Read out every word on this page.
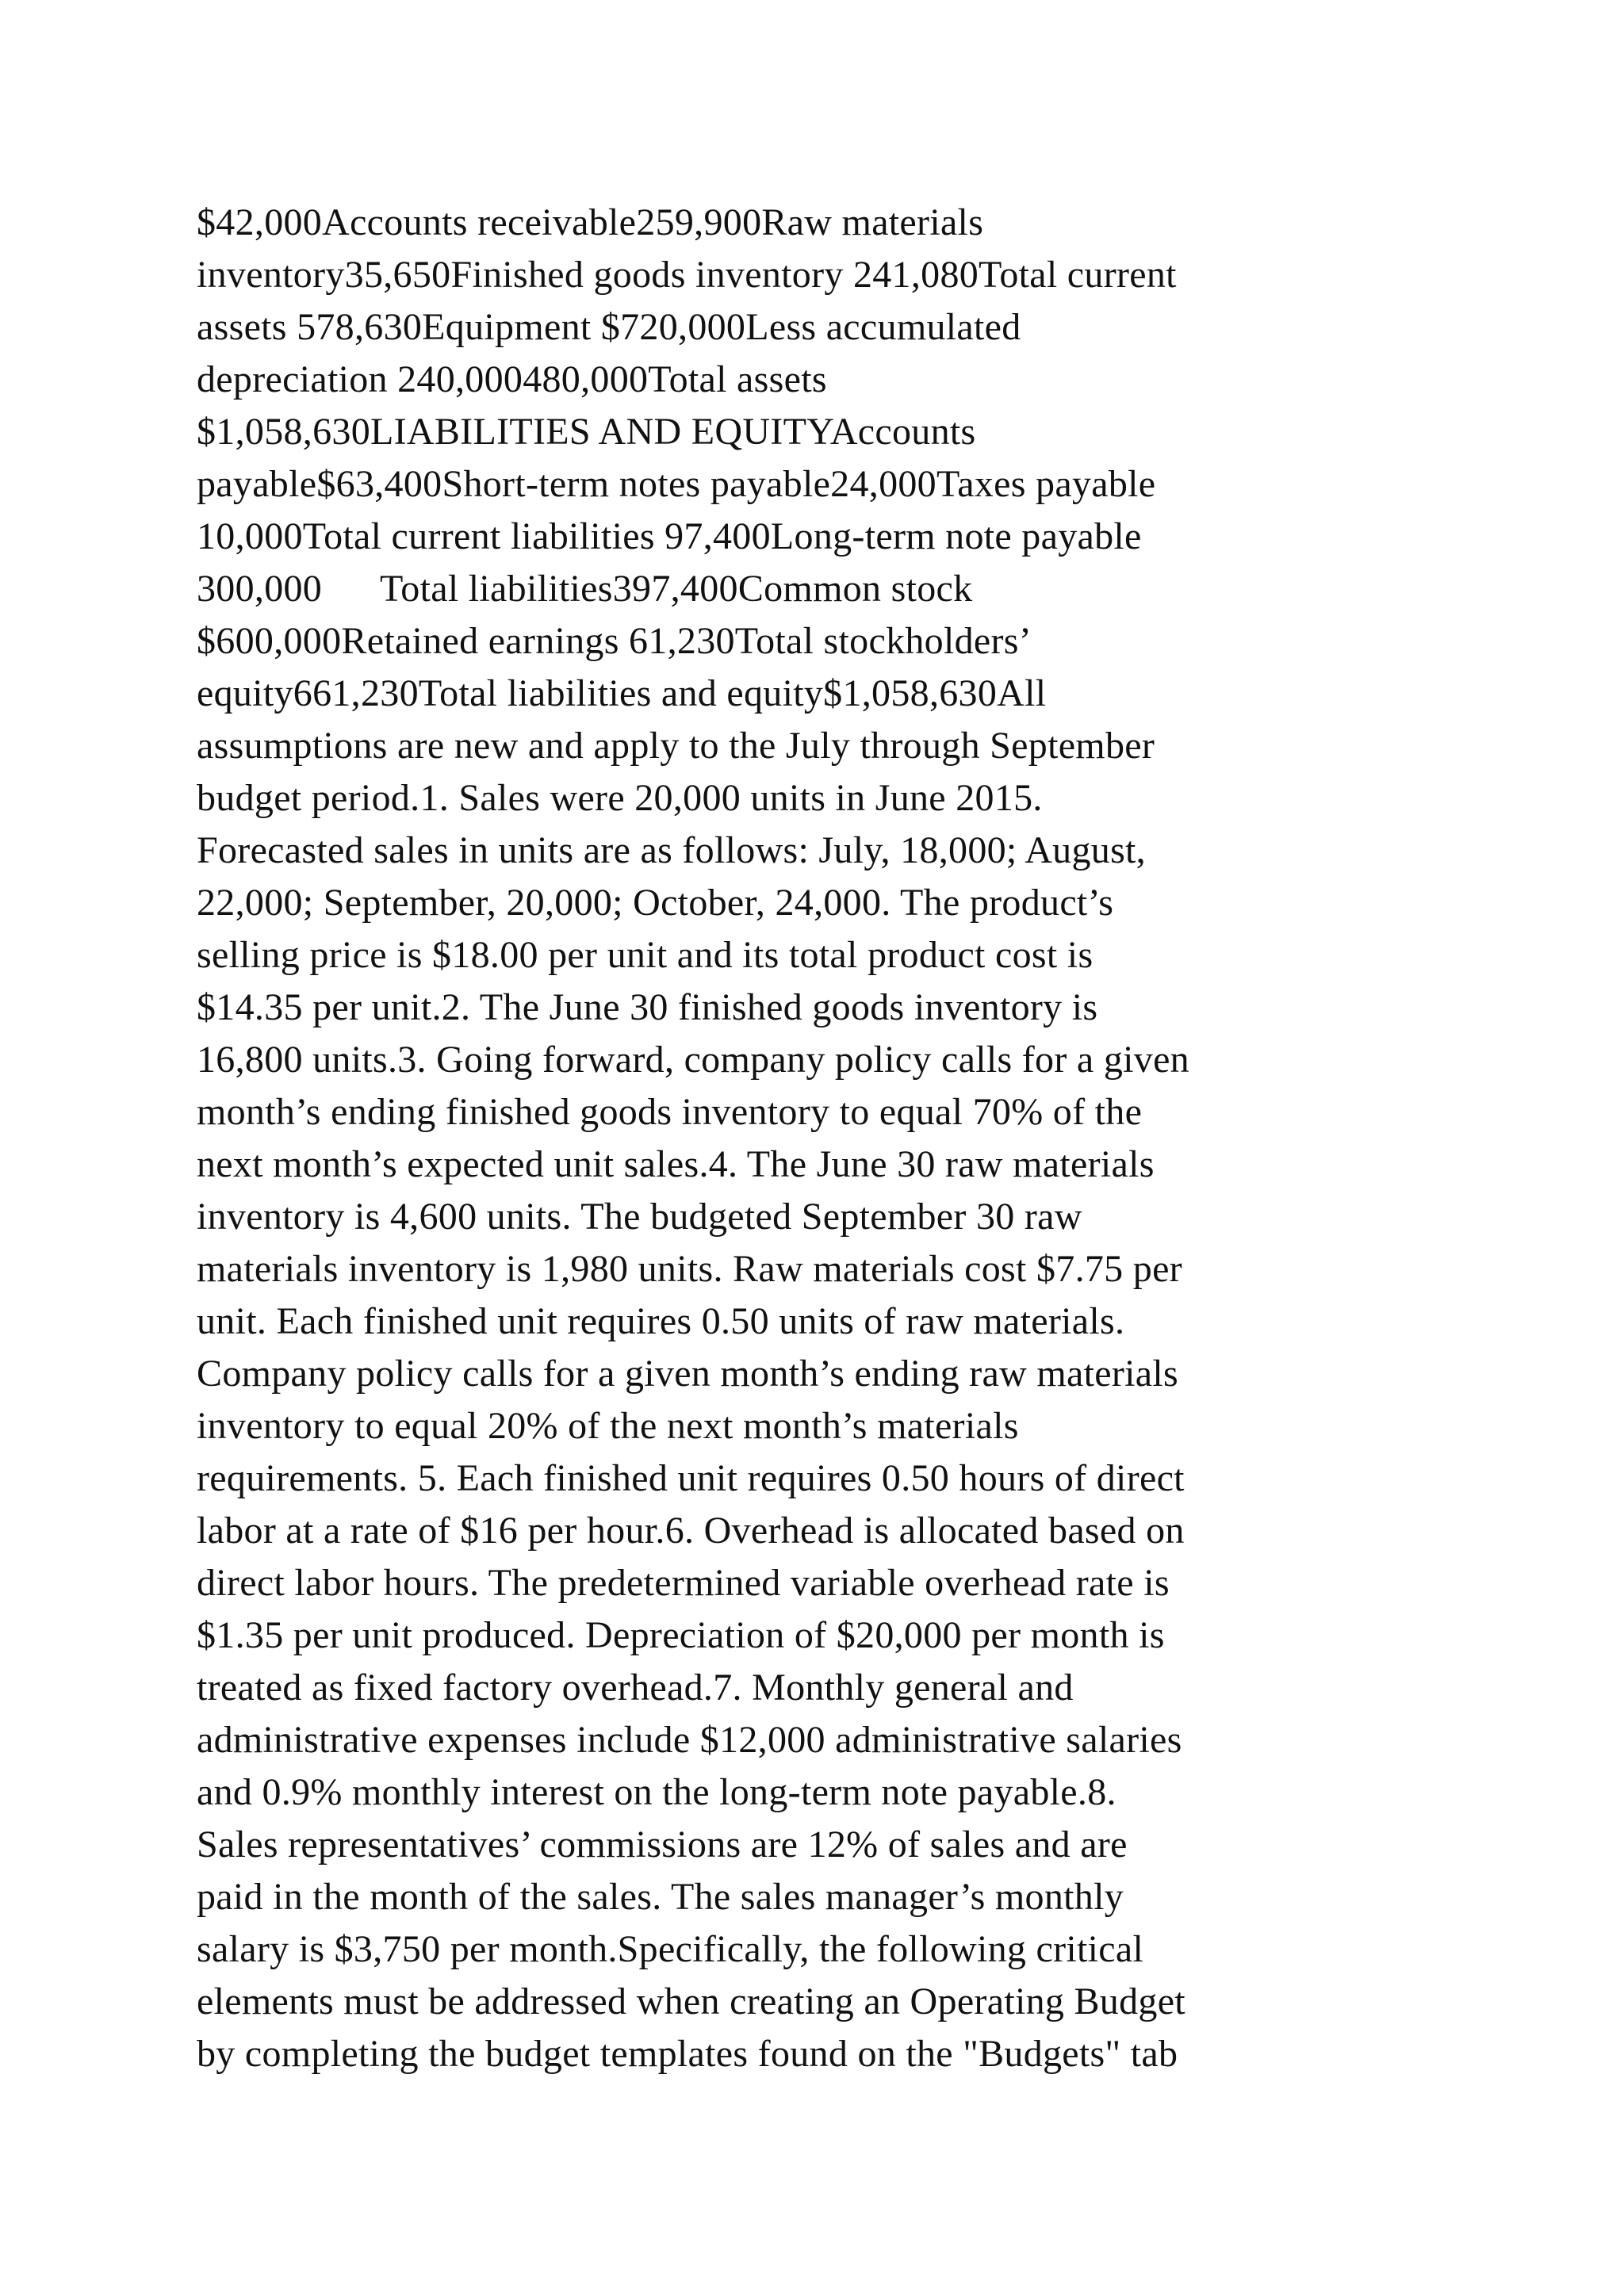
$42,000Accounts receivable259,900Raw materials
inventory35,650Finished goods inventory 241,080Total current
assets 578,630Equipment $720,000Less accumulated
depreciation 240,000480,000Total assets
$1,058,630LIABILITIES AND EQUITYAccounts
payable$63,400Short-term notes payable24,000Taxes payable
10,000Total current liabilities 97,400Long-term note payable
300,000      Total liabilities397,400Common stock
$600,000Retained earnings 61,230Total stockholders’
equity661,230Total liabilities and equity$1,058,630All
assumptions are new and apply to the July through September
budget period.1. Sales were 20,000 units in June 2015.
Forecasted sales in units are as follows: July, 18,000; August,
22,000; September, 20,000; October, 24,000. The product’s
selling price is $18.00 per unit and its total product cost is
$14.35 per unit.2. The June 30 finished goods inventory is
16,800 units.3. Going forward, company policy calls for a given
month’s ending finished goods inventory to equal 70% of the
next month’s expected unit sales.4. The June 30 raw materials
inventory is 4,600 units. The budgeted September 30 raw
materials inventory is 1,980 units. Raw materials cost $7.75 per
unit. Each finished unit requires 0.50 units of raw materials.
Company policy calls for a given month’s ending raw materials
inventory to equal 20% of the next month’s materials
requirements. 5. Each finished unit requires 0.50 hours of direct
labor at a rate of $16 per hour.6. Overhead is allocated based on
direct labor hours. The predetermined variable overhead rate is
$1.35 per unit produced. Depreciation of $20,000 per month is
treated as fixed factory overhead.7. Monthly general and
administrative expenses include $12,000 administrative salaries
and 0.9% monthly interest on the long-term note payable.8.
Sales representatives’ commissions are 12% of sales and are
paid in the month of the sales. The sales manager’s monthly
salary is $3,750 per month.Specifically, the following critical
elements must be addressed when creating an Operating Budget
by completing the budget templates found on the "Budgets" tab
